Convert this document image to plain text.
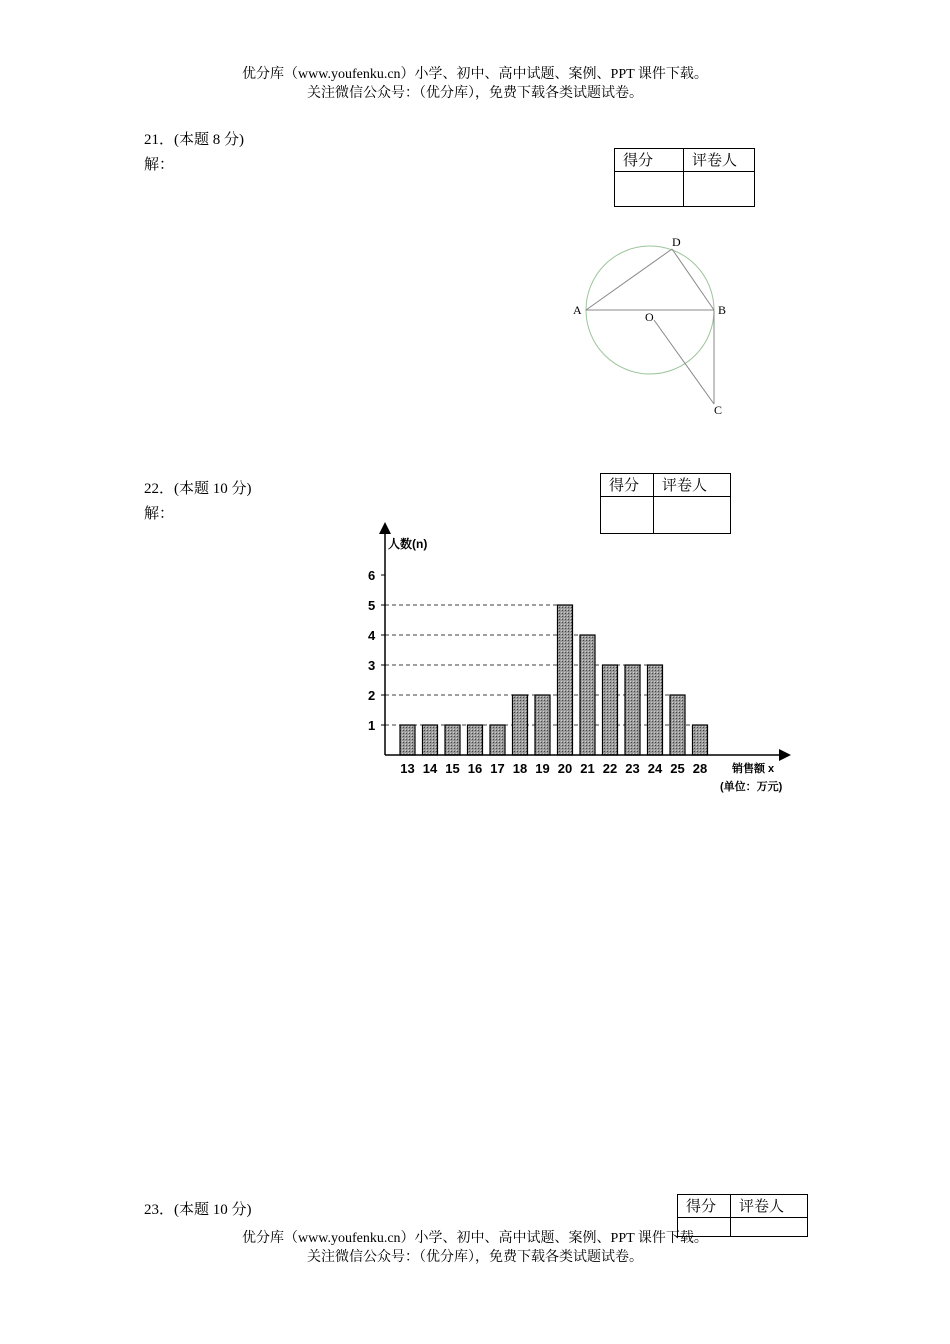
优分库（www.youfenku.cn）小学、初中、高中试题、案例、PPT 课件下载。
关注微信公众号：（优分库），免费下载各类试题试卷。
21．(本题 8 分)
解：	得分	评卷人

A	B
C
D
O
22．(本题 10 分)
解：
得分	评卷人

1
2
3
4
5
6
13 14 15 16 17 18 19 20 21 22 23 24 25 28
人数(n)
销售额 x
(单位：万元)
23．(本题 10 分)
优分库（www.youfenku.cn）小学、初中、高中试题、案例、PPT 课件下载。
关注微信公众号：（优分库），免费下载各类试题试卷。
得分	评卷人
